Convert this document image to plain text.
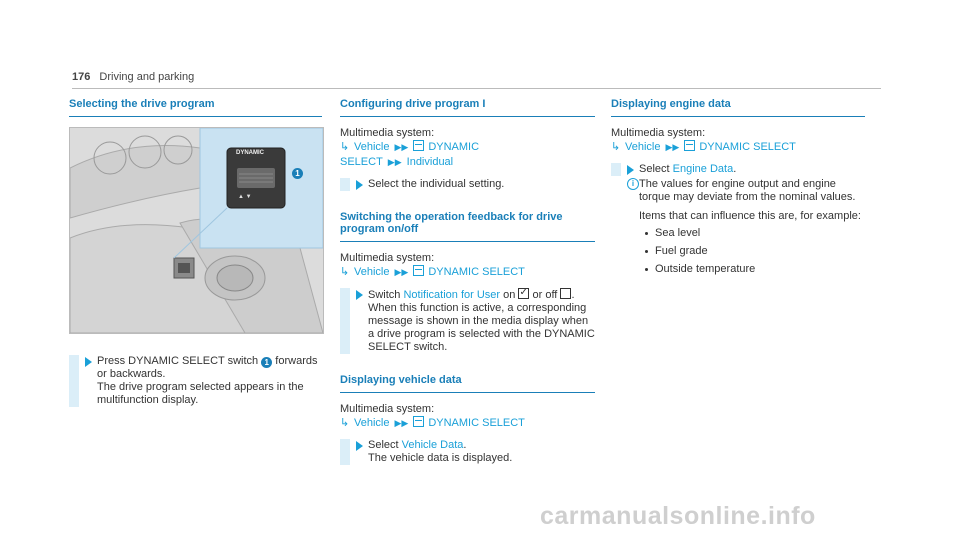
176 Driving and parking
Selecting the drive program
▲ ▼
DYNAMIC
1
Press DYNAMIC SELECT switch 1 forwards or backwards.
The drive program selected appears in the multifunction display.
Configuring drive program I
Multimedia system:
↳ Vehicle ▶▶ DYNAMIC
SELECT ▶▶ Individual
Select the individual setting.
Switching the operation feedback for drive
program on/off
Multimedia system:
↳ Vehicle ▶▶ DYNAMIC SELECT
Switch Notification for User on ✓ or off .
When this function is active, a corresponding message is shown in the media display when a drive program is selected with the DYNAMIC SELECT switch.
Displaying vehicle data
Multimedia system:
↳ Vehicle ▶▶ DYNAMIC SELECT
Select Vehicle Data.
The vehicle data is displayed.
Displaying engine data
Multimedia system:
↳ Vehicle ▶▶ DYNAMIC SELECT
Select Engine Data.
i The values for engine output and engine torque may deviate from the nominal values.
Items that can influence this are, for example:
Sea level
Fuel grade
Outside temperature
carmanualsonline.info
